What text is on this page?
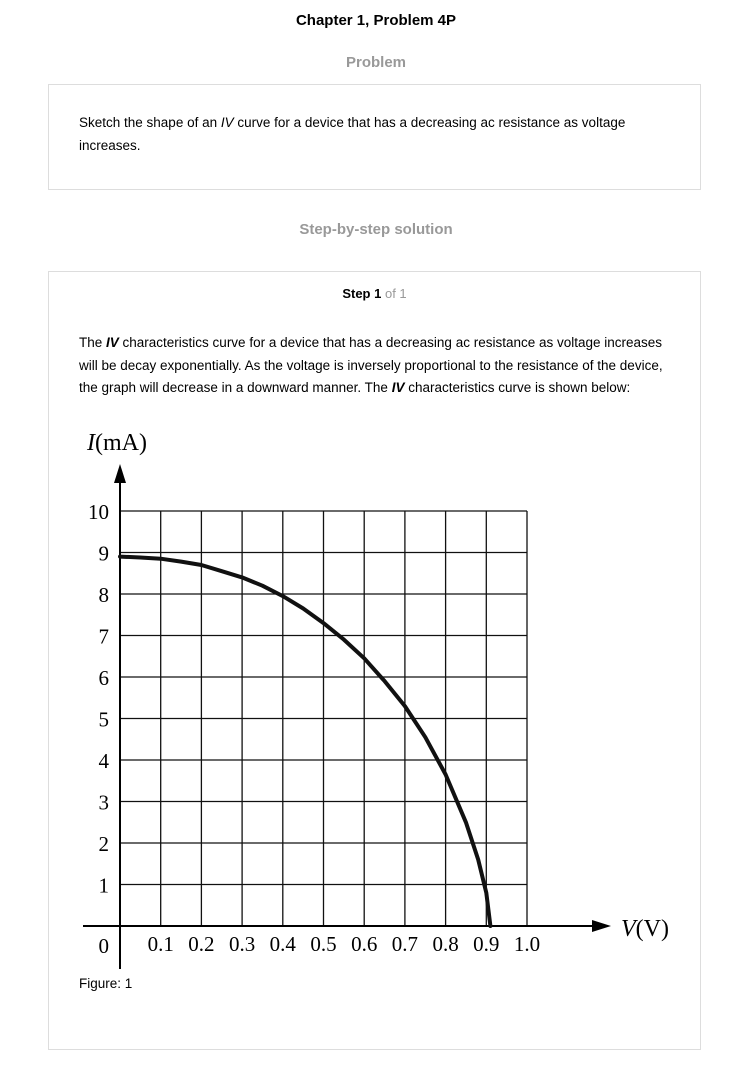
Chapter 1, Problem 4P
Problem
Sketch the shape of an IV curve for a device that has a decreasing ac resistance as voltage increases.
Step-by-step solution
Step 1 of 1
The IV characteristics curve for a device that has a decreasing ac resistance as voltage increases will be decay exponentially. As the voltage is inversely proportional to the resistance of the device, the graph will decrease in a downward manner. The IV characteristics curve is shown below:
0.1 0.2 0.3 0.4 0.5 0.6 0.7 0.8 0.9 1.0
1
2
3
4
5
6
7
8
9
10
0
I(mA)
V(V)
Figure: 1
